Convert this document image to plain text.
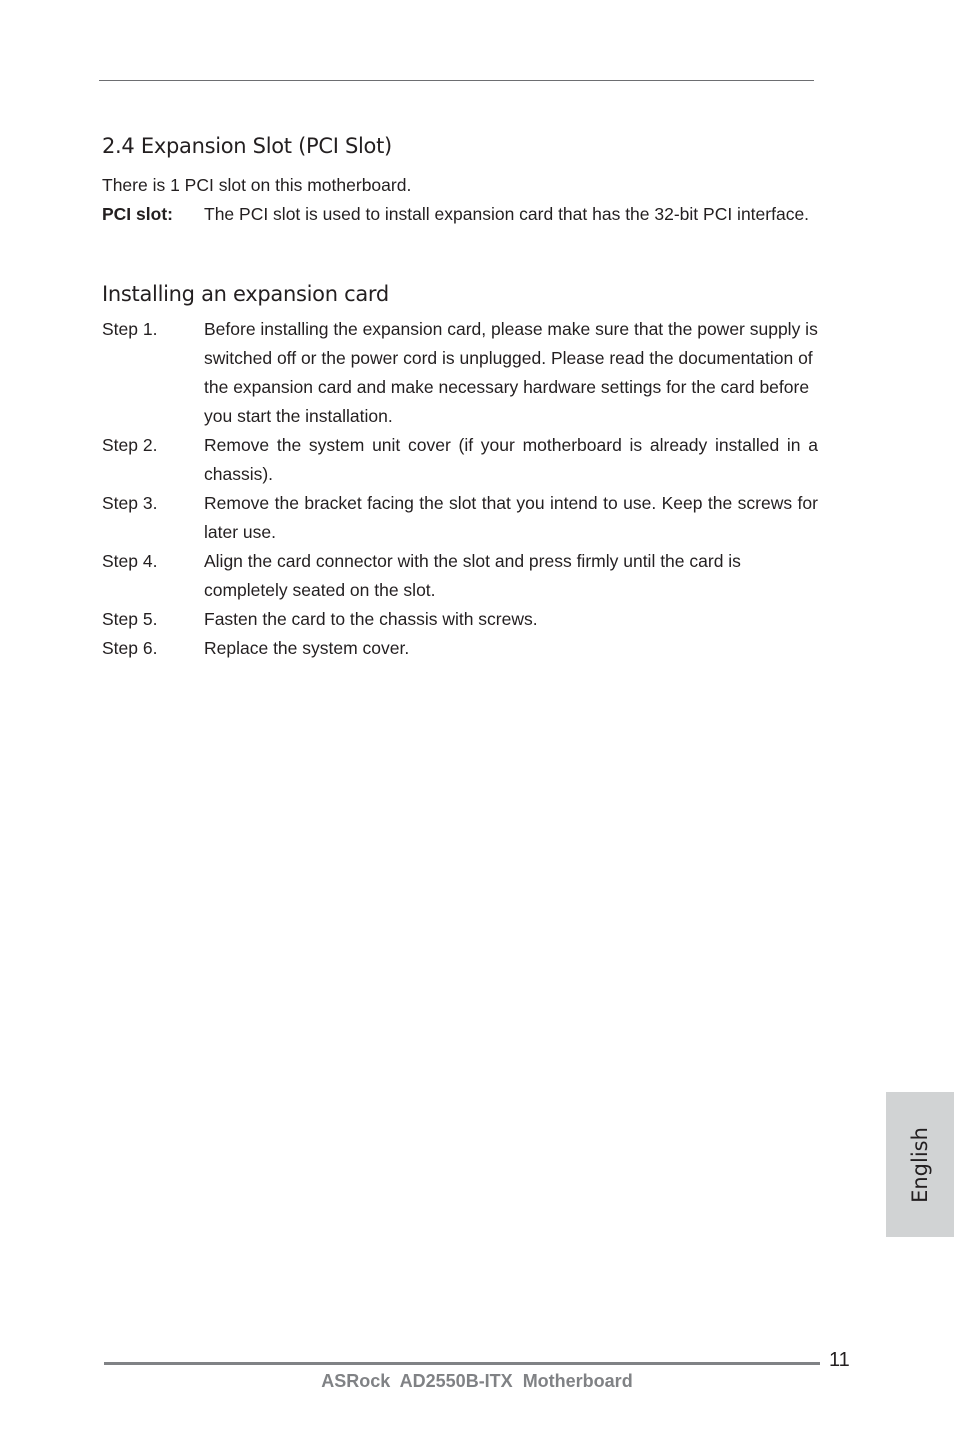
2.4 Expansion Slot (PCI Slot)

There is 1 PCI slot on this motherboard.

PCI slot: The PCI slot is used to install expansion card that has the 32-bit PCI interface.
Installing an expansion card
Step 1.	Before installing the expansion card, please make sure that the power supply is switched off or the power cord is unplugged. Please read the documentation of the expansion card and make necessary hardware settings for the card before you start the installation.
Step 2.	Remove the system unit cover (if your motherboard is already installed in a chassis).
Step 3.	Remove the bracket facing the slot that you intend to use. Keep the screws for later use.
Step 4.	Align the card connector with the slot and press firmly until the card is completely seated on the slot.
Step 5.	Fasten the card to the chassis with screws.
Step 6.	Replace the system cover.
English
11
ASRock  AD2550B-ITX  Motherboard
